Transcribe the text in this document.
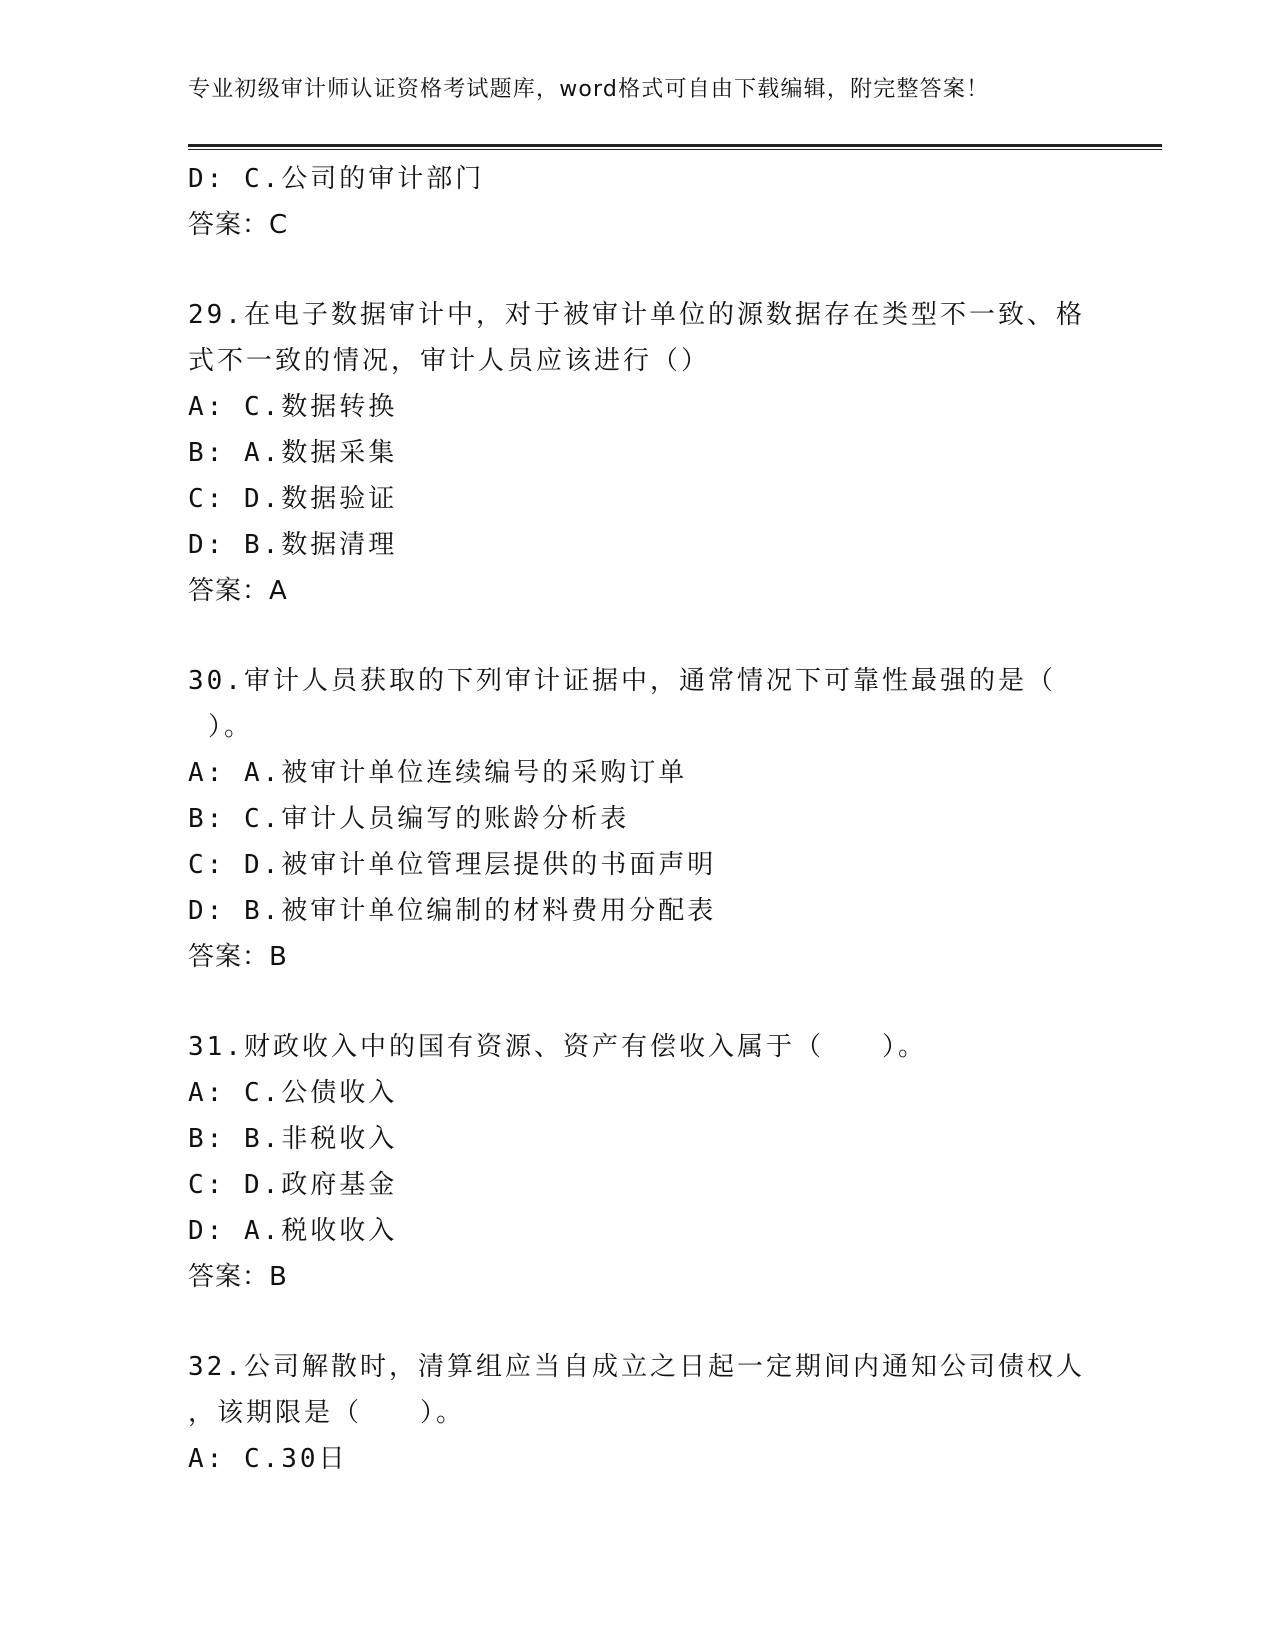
专业初级审计师认证资格考试题库，word格式可自由下载编辑，附完整答案！
D: C.公司的审计部门
答案：C
29.在电子数据审计中，对于被审计单位的源数据存在类型不一致、格
式不一致的情况，审计人员应该进行（）
A: C.数据转换
B: A.数据采集
C: D.数据验证
D: B.数据清理
答案：A
30.审计人员获取的下列审计证据中，通常情况下可靠性最强的是（
）。
A: A.被审计单位连续编号的采购订单
B: C.审计人员编写的账龄分析表
C: D.被审计单位管理层提供的书面声明
D: B.被审计单位编制的材料费用分配表
答案：B
31.财政收入中的国有资源、资产有偿收入属于（　　）。
A: C.公债收入
B: B.非税收入
C: D.政府基金
D: A.税收收入
答案：B
32.公司解散时，清算组应当自成立之日起一定期间内通知公司债权人
，该期限是（　　）。
A: C.30日
